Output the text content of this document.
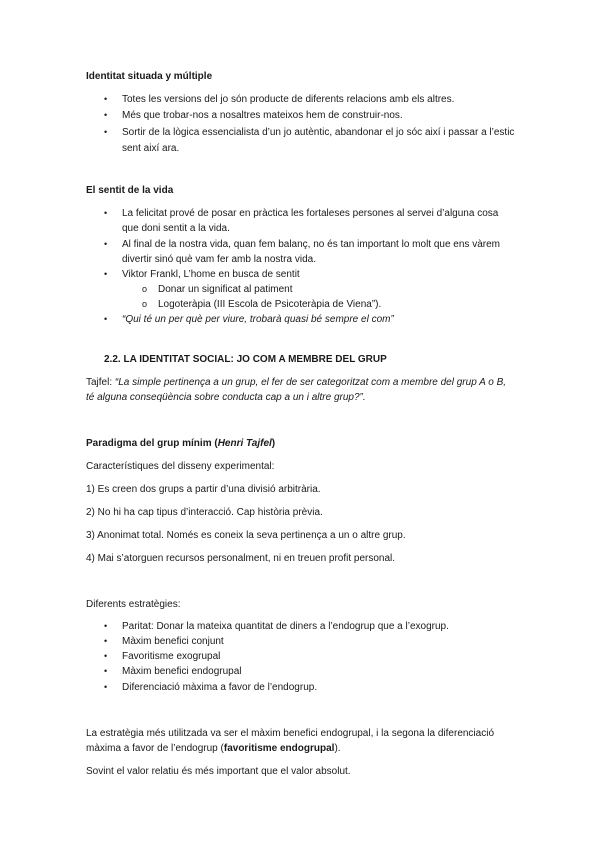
Identitat situada y múltiple
• Totes les versions del jo són producte de diferents relacions amb els altres.
• Més que trobar-nos a nosaltres mateixos hem de construir-nos.
• Sortir de la lògica essencialista d’un jo autèntic, abandonar el jo sóc així i passar a l’estic
sent així ara.
El sentit de la vida
• La felicitat prové de posar en pràctica les fortaleses persones al servei d’alguna cosa
que doni sentit a la vida.
• Al final de la nostra vida, quan fem balanç, no és tan important lo molt que ens vàrem
divertir sinó què vam fer amb la nostra vida.
• Viktor Frankl, L’home en busca de sentit
o Donar un significat al patiment
o Logoteràpia (III Escola de Psicoteràpia de Viena”).
• “Qui té un per què per viure, trobarà quasi bé sempre el com”
2.2. LA IDENTITAT SOCIAL: JO COM A MEMBRE DEL GRUP
Tajfel: “La simple pertinença a un grup, el fer de ser categoritzat com a membre del grup A o B,
té alguna conseqüència sobre conducta cap a un i altre grup?”.
Paradigma del grup mínim (Henri Tajfel)
Característiques del disseny experimental:
1) Es creen dos grups a partir d’una divisió arbitrària.
2) No hi ha cap tipus d’interacció. Cap història prèvia.
3) Anonimat total. Només es coneix la seva pertinença a un o altre grup.
4) Mai s’atorguen recursos personalment, ni en treuen profit personal.
Diferents estratègies:
• Paritat: Donar la mateixa quantitat de diners a l’endogrup que a l’exogrup.
• Màxim benefici conjunt
• Favoritisme exogrupal
• Màxim benefici endogrupal
• Diferenciació màxima a favor de l’endogrup.
La estratègia més utilitzada va ser el màxim benefici endogrupal, i la segona la diferenciació
màxima a favor de l’endogrup (favoritisme endogrupal).
Sovint el valor relatiu és més important que el valor absolut.
